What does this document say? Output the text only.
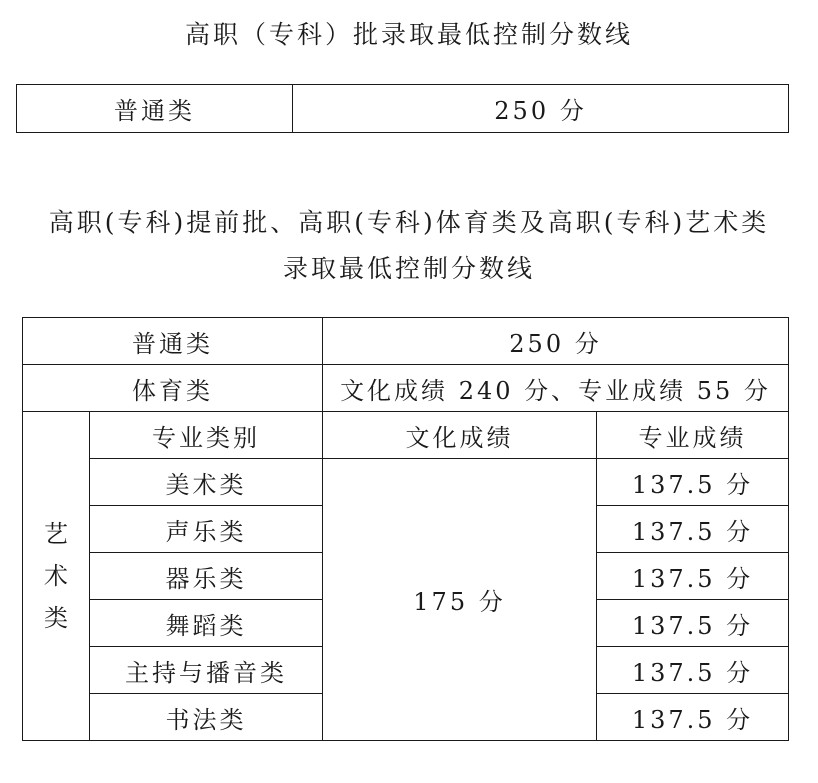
高职（专科）批录取最低控制分数线
普通类	250 分
高职(专科)提前批、高职(专科)体育类及高职(专科)艺术类
录取最低控制分数线
普通类		250 分	
体育类		文化成绩 240 分、专业成绩 55 分	

艺
术
类	专业类别	文化成绩	专业成绩
	美术类	175 分	137.5 分
	声乐类		137.5 分
	器乐类		137.5 分
	舞蹈类		137.5 分
	主持与播音类		137.5 分
	书法类		137.5 分
